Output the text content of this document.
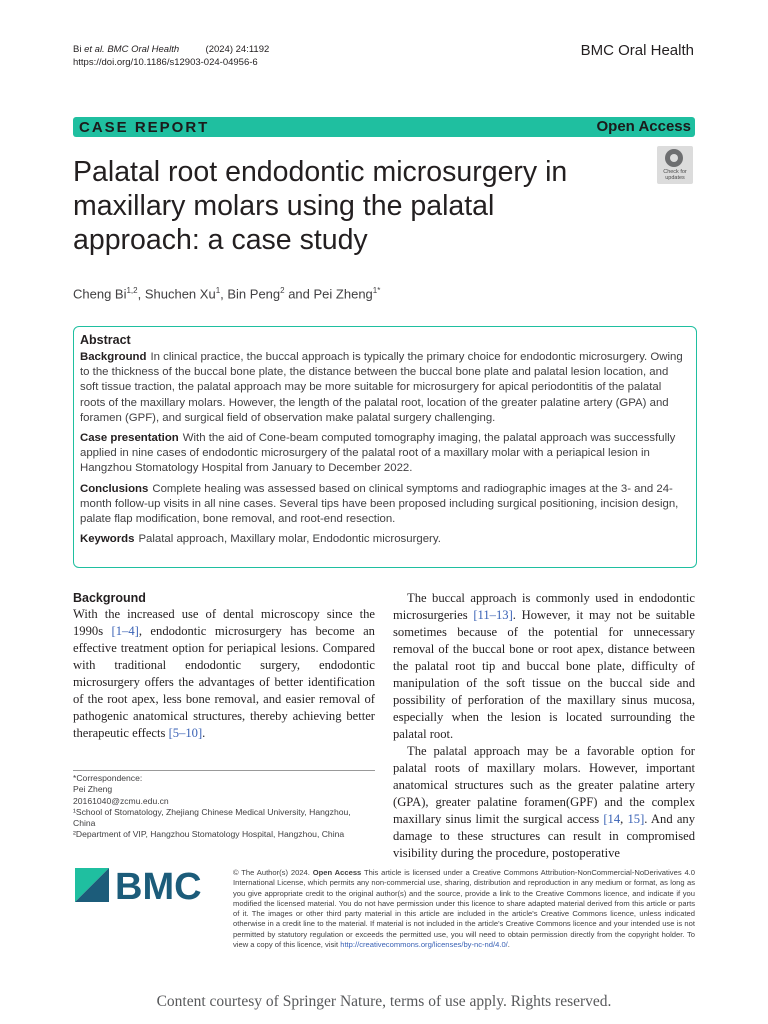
Bi et al. BMC Oral Health	(2024) 24:1192
https://doi.org/10.1186/s12903-024-04956-6
BMC Oral Health
CASE REPORT	Open Access
Palatal root endodontic microsurgery in maxillary molars using the palatal approach: a case study
Check for updates
Cheng Bi$^{1,2}$, Shuchen Xu$^1$, Bin Peng$^2$ and Pei Zheng$^{1*}$
Abstract

Background In clinical practice, the buccal approach is typically the primary choice for endodontic microsurgery. Owing to the thickness of the buccal bone plate, the distance between the buccal bone plate and palatal lesion location, and soft tissue traction, the palatal approach may be more suitable for microsurgery for apical periodontitis of the palatal roots of the maxillary molars. However, the length of the palatal root, location of the greater palatine artery (GPA) and foramen (GPF), and surgical field of observation make palatal surgery challenging.

Case presentation With the aid of Cone-beam computed tomography imaging, the palatal approach was successfully applied in nine cases of endodontic microsurgery of the palatal root of a maxillary molar with a periapical lesion in Hangzhou Stomatology Hospital from January to December 2022.

Conclusions Complete healing was assessed based on clinical symptoms and radiographic images at the 3- and 24-month follow-up visits in all nine cases. Several tips have been proposed including surgical positioning, incision design, palate flap modification, bone removal, and root-end resection.

Keywords Palatal approach, Maxillary molar, Endodontic microsurgery.

Background

With the increased use of dental microscopy since the 1990s [1–4], endodontic microsurgery has become an effective treatment option for periapical lesions. Compared with traditional endodontic surgery, endodontic microsurgery offers the advantages of better identification of the root apex, less bone removal, and easier removal of pathogenic anatomical structures, thereby achieving better therapeutic effects [5–10].

The buccal approach is commonly used in endodontic microsurgeries [11–13]. However, it may not be suitable sometimes because of the potential for unnecessary removal of the buccal bone or root apex, distance between the palatal root tip and buccal bone plate, difficulty of manipulation of the soft tissue on the buccal side and possibility of perforation of the maxillary sinus mucosa, especially when the lesion is located surrounding the palatal root.

The palatal approach may be a favorable option for palatal roots of maxillary molars. However, important anatomical structures such as the greater palatine artery (GPA), greater palatine foramen(GPF) and the complex maxillary sinus limit the surgical access [14, 15]. And any damage to these structures can result in compromised visibility during the procedure, postoperative

*Correspondence:
Pei Zheng
20161040@zcmu.edu.cn
¹School of Stomatology, Zhejiang Chinese Medical University, Hangzhou, China
²Department of VIP, Hangzhou Stomatology Hospital, Hangzhou, China
BMC	© The Author(s) 2024. Open Access This article is licensed under a Creative Commons Attribution-NonCommercial-NoDerivatives 4.0 International License, which permits any non-commercial use, sharing, distribution and reproduction in any medium or format, as long as you give appropriate credit to the original author(s) and the source, provide a link to the Creative Commons licence, and indicate if you modified the licensed material. You do not have permission under this licence to share adapted material derived from this article or parts of it. The images or other third party material in this article are included in the article's Creative Commons licence, unless indicated otherwise in a credit line to the material. If material is not included in the article's Creative Commons licence and your intended use is not permitted by statutory regulation or exceeds the permitted use, you will need to obtain permission directly from the copyright holder. To view a copy of this licence, visit http://creativecommons.org/licenses/by-nc-nd/4.0/.
Content courtesy of Springer Nature, terms of use apply. Rights reserved.
